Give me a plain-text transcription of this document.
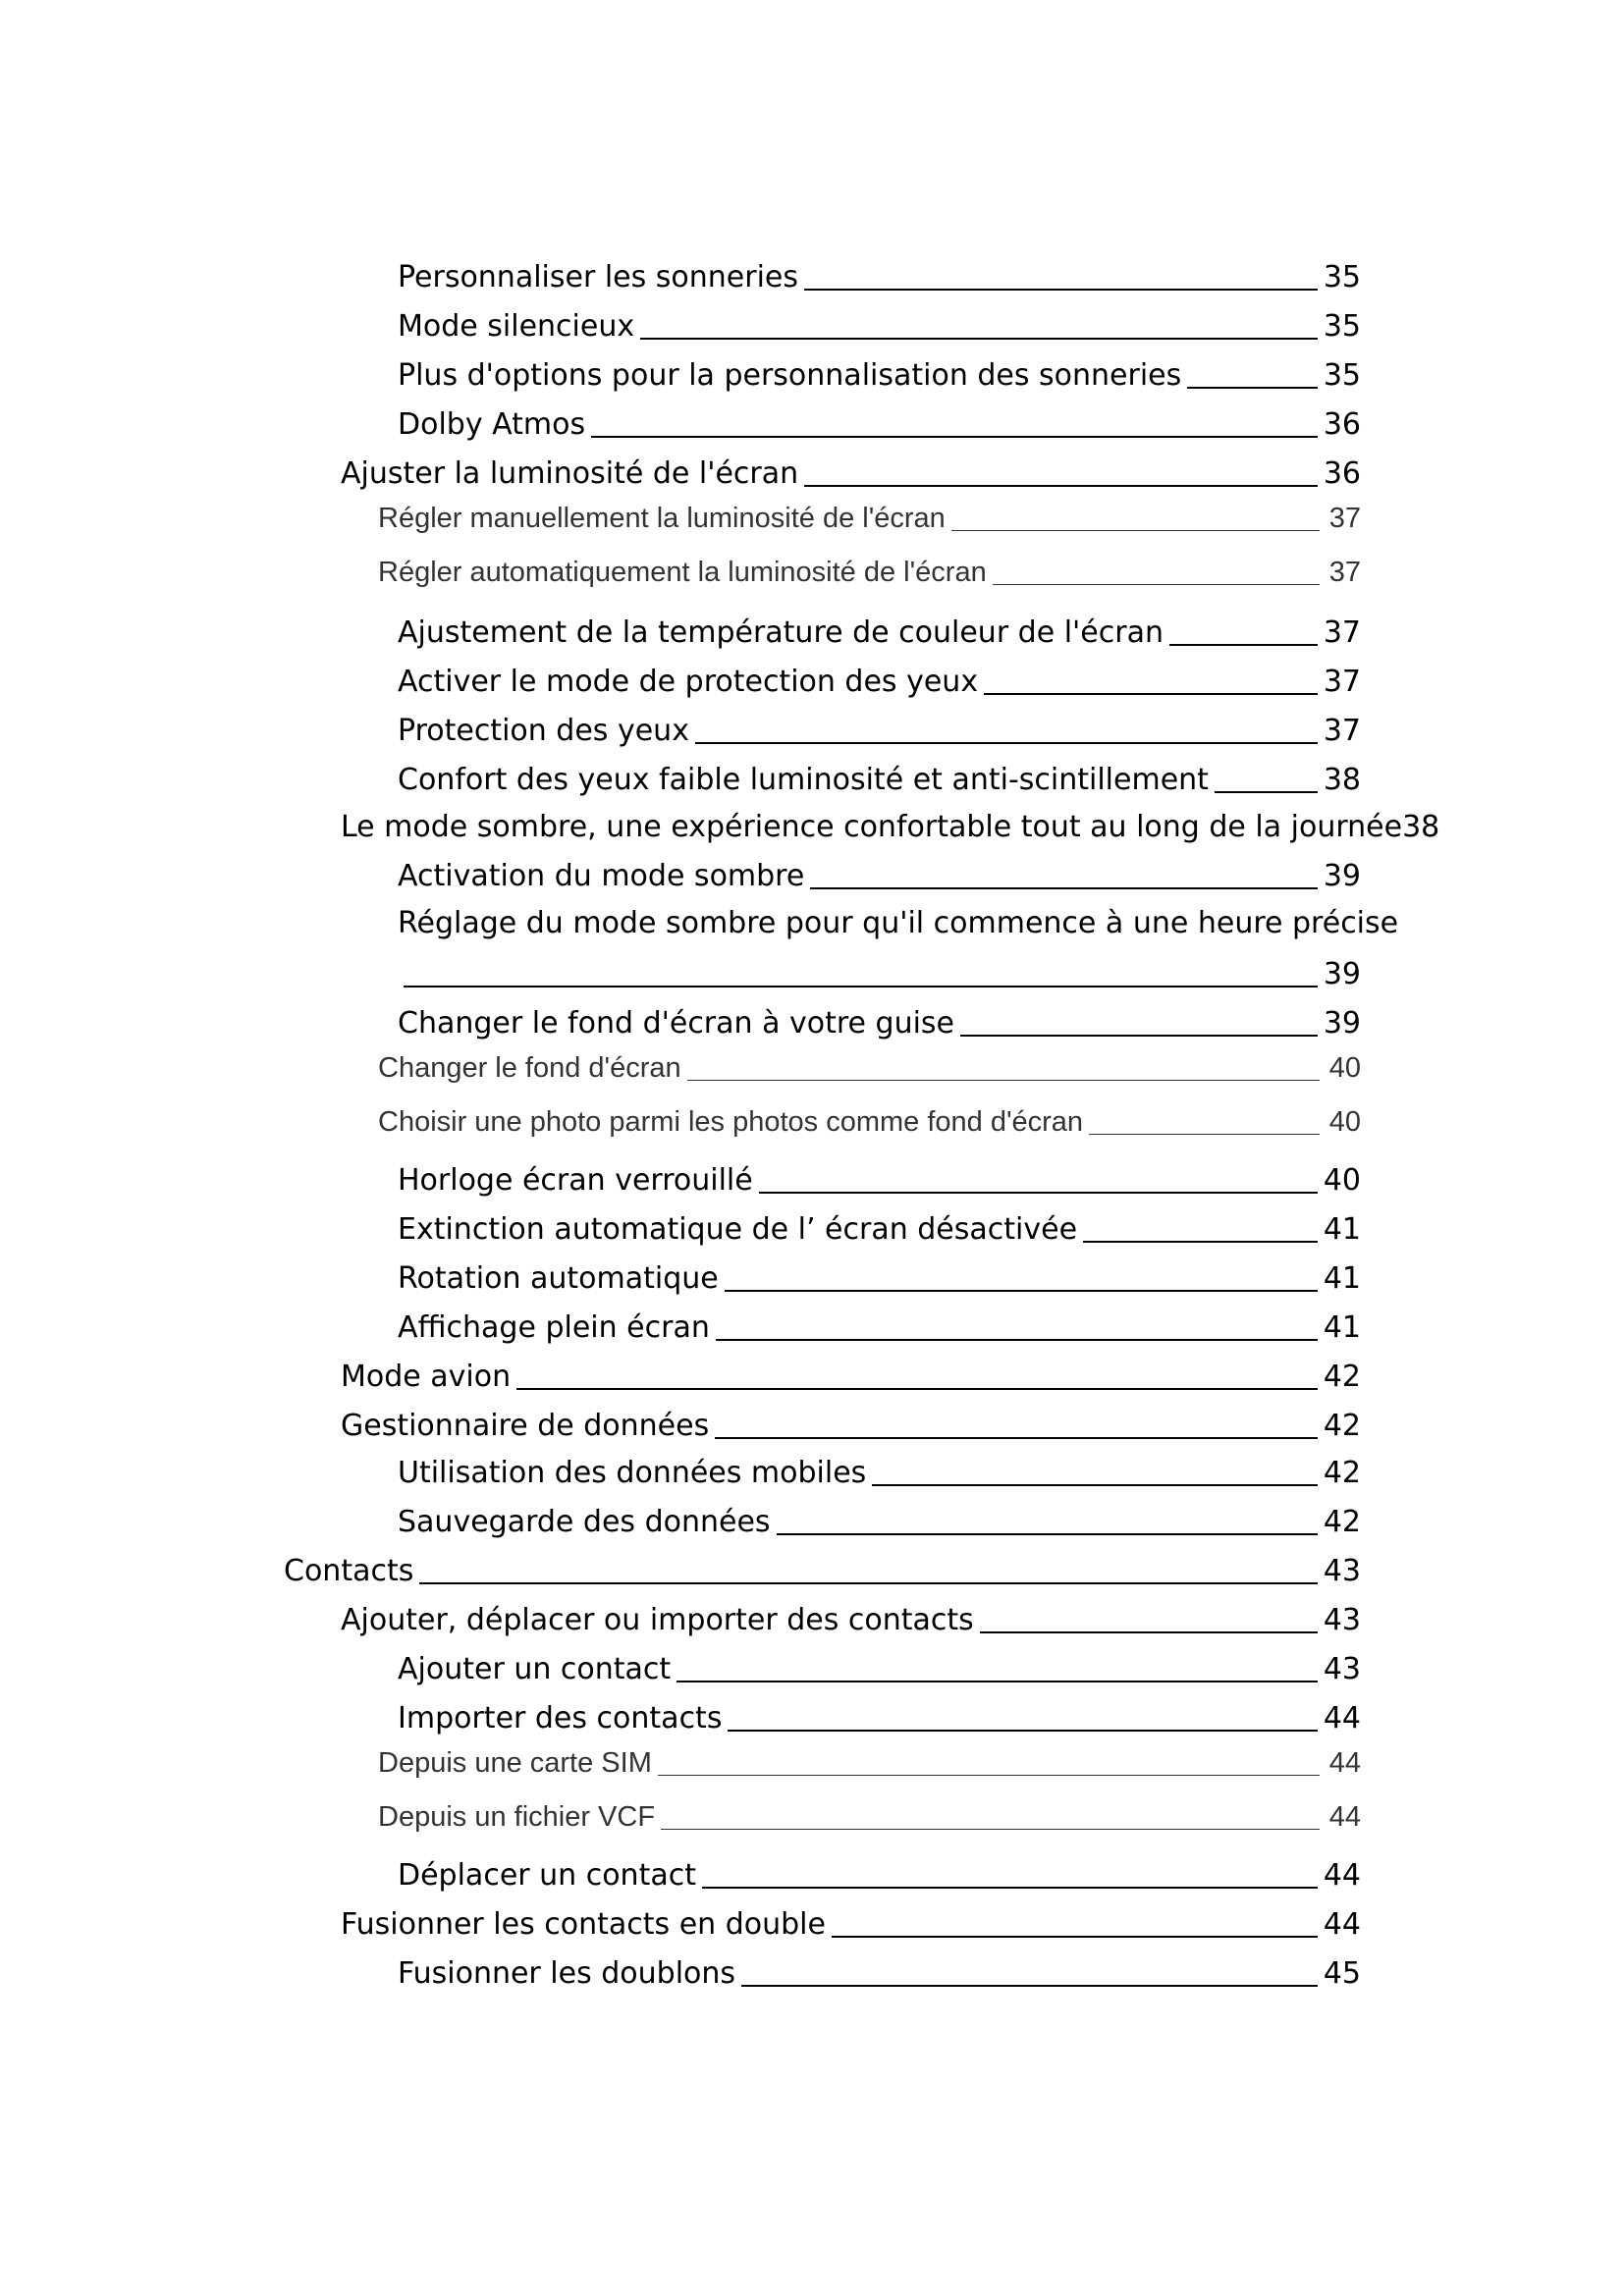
Personnaliser les sonneries	35
Mode silencieux	35
Plus d'options pour la personnalisation des sonneries	35
Dolby Atmos	36
Ajuster la luminosité de l'écran	36
Régler manuellement la luminosité de l'écran	37
Régler automatiquement la luminosité de l'écran	37
Ajustement de la température de couleur de l'écran	37
Activer le mode de protection des yeux	37
Protection des yeux	37
Confort des yeux faible luminosité et anti-scintillement	38
Le mode sombre, une expérience confortable tout au long de la journée 38
Activation du mode sombre	39
Réglage du mode sombre pour qu'il commence à une heure précise
39
Changer le fond d'écran à votre guise	39
Changer le fond d'écran	40
Choisir une photo parmi les photos comme fond d'écran	40
Horloge écran verrouillé	40
Extinction automatique de l’ écran désactivée	41
Rotation automatique	41
Affichage plein écran	41
Mode avion	42
Gestionnaire de données	42
Utilisation des données mobiles	42
Sauvegarde des données	42
Contacts	43
Ajouter, déplacer ou importer des contacts	43
Ajouter un contact	43
Importer des contacts	44
Depuis une carte SIM	44
Depuis un fichier VCF	44
Déplacer un contact	44
Fusionner les contacts en double	44
Fusionner les doublons	45
